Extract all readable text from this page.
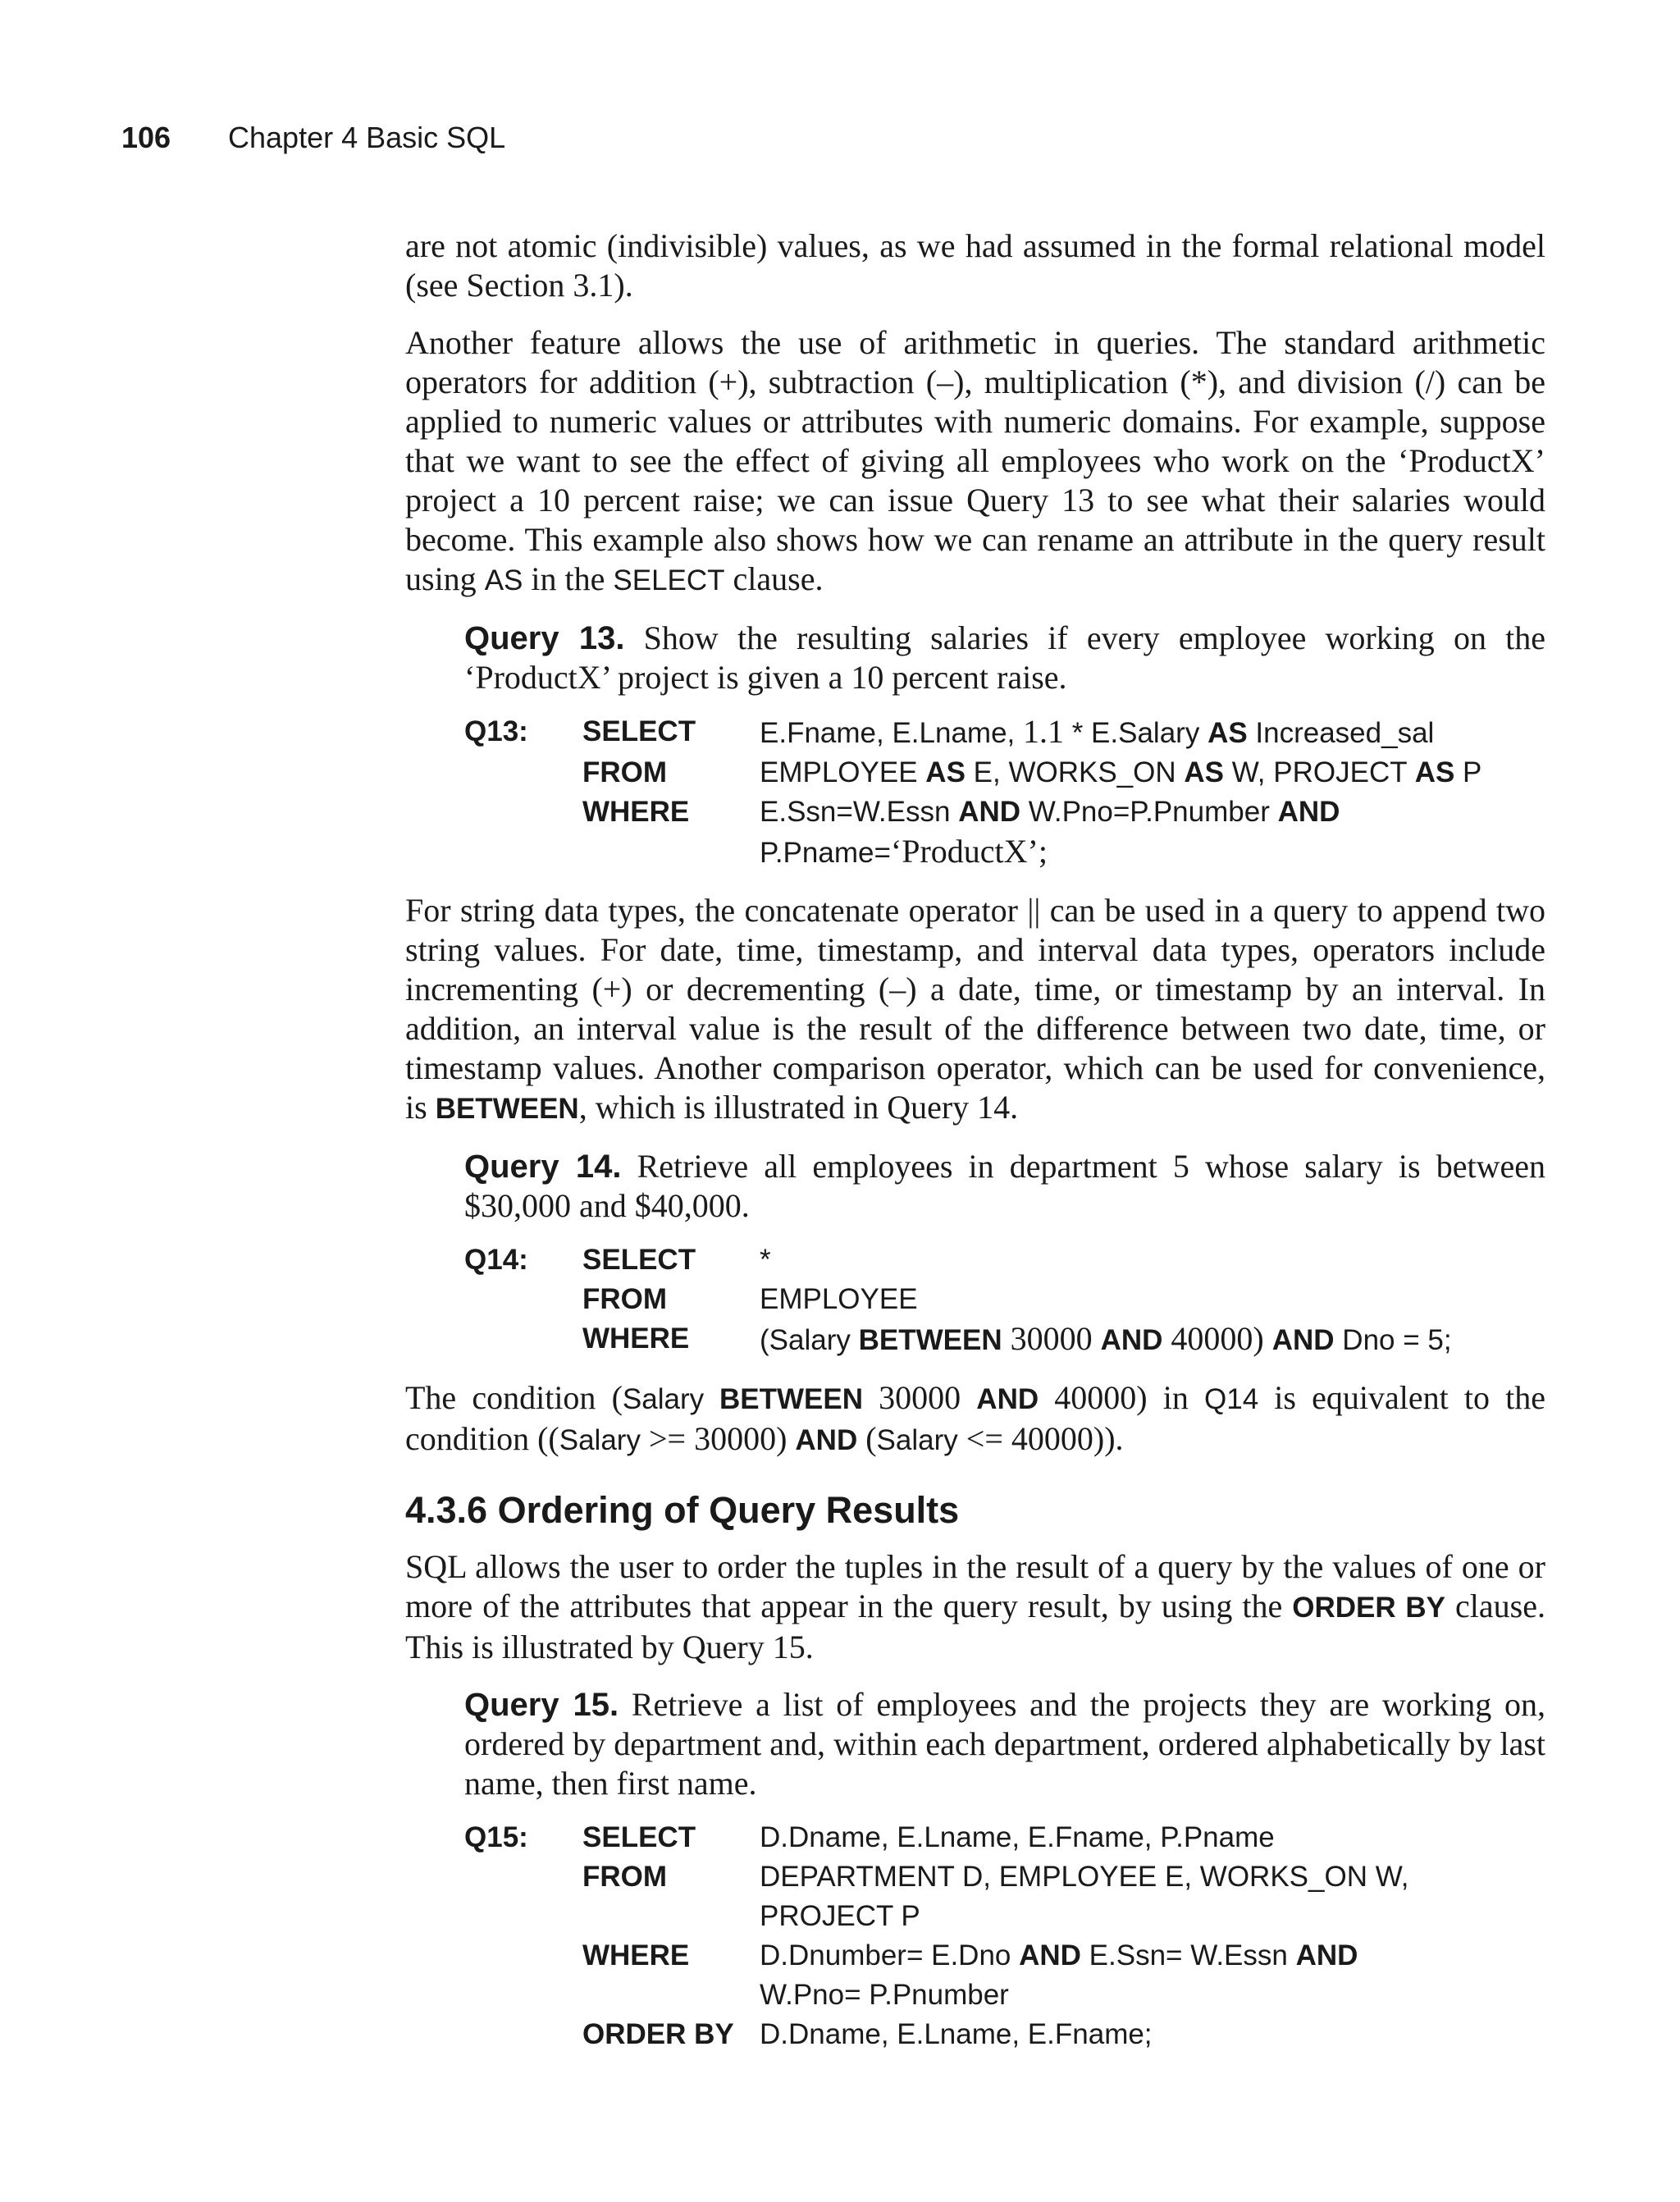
106 Chapter 4 Basic SQL

are not atomic (indivisible) values, as we had assumed in the formal relational model (see Section 3.1).

Another feature allows the use of arithmetic in queries. The standard arithmetic operators for addition (+), subtraction (–), multiplication (*), and division (/) can be applied to numeric values or attributes with numeric domains. For example, suppose that we want to see the effect of giving all employees who work on the ‘ProductX’ project a 10 percent raise; we can issue Query 13 to see what their salaries would become. This example also shows how we can rename an attribute in the query result using AS in the SELECT clause.

Query 13. Show the resulting salaries if every employee working on the ‘ProductX’ project is given a 10 percent raise.

Q13:	SELECT	E.Fname, E.Lname, 1.1 * E.Salary AS Increased_sal
FROM	EMPLOYEE AS E, WORKS_ON AS W, PROJECT AS P
WHERE	E.Ssn=W.Essn AND W.Pno=P.Pnumber AND
P.Pname=‘ProductX’;

For string data types, the concatenate operator || can be used in a query to append two string values. For date, time, timestamp, and interval data types, operators include incrementing (+) or decrementing (–) a date, time, or timestamp by an interval. In addition, an interval value is the result of the difference between two date, time, or timestamp values. Another comparison operator, which can be used for convenience, is BETWEEN, which is illustrated in Query 14.

Query 14. Retrieve all employees in department 5 whose salary is between $30,000 and $40,000.

Q14:	SELECT	*
FROM	EMPLOYEE
WHERE	(Salary BETWEEN 30000 AND 40000) AND Dno = 5;

The condition (Salary BETWEEN 30000 AND 40000) in Q14 is equivalent to the condition ((Salary >= 30000) AND (Salary <= 40000)).

4.3.6 Ordering of Query Results

SQL allows the user to order the tuples in the result of a query by the values of one or more of the attributes that appear in the query result, by using the ORDER BY clause. This is illustrated by Query 15.

Query 15. Retrieve a list of employees and the projects they are working on, ordered by department and, within each department, ordered alphabetically by last name, then first name.

Q15:	SELECT	D.Dname, E.Lname, E.Fname, P.Pname
FROM	DEPARTMENT D, EMPLOYEE E, WORKS_ON W,
PROJECT P
WHERE	D.Dnumber= E.Dno AND E.Ssn= W.Essn AND
W.Pno= P.Pnumber
ORDER BY D.Dname, E.Lname, E.Fname;
